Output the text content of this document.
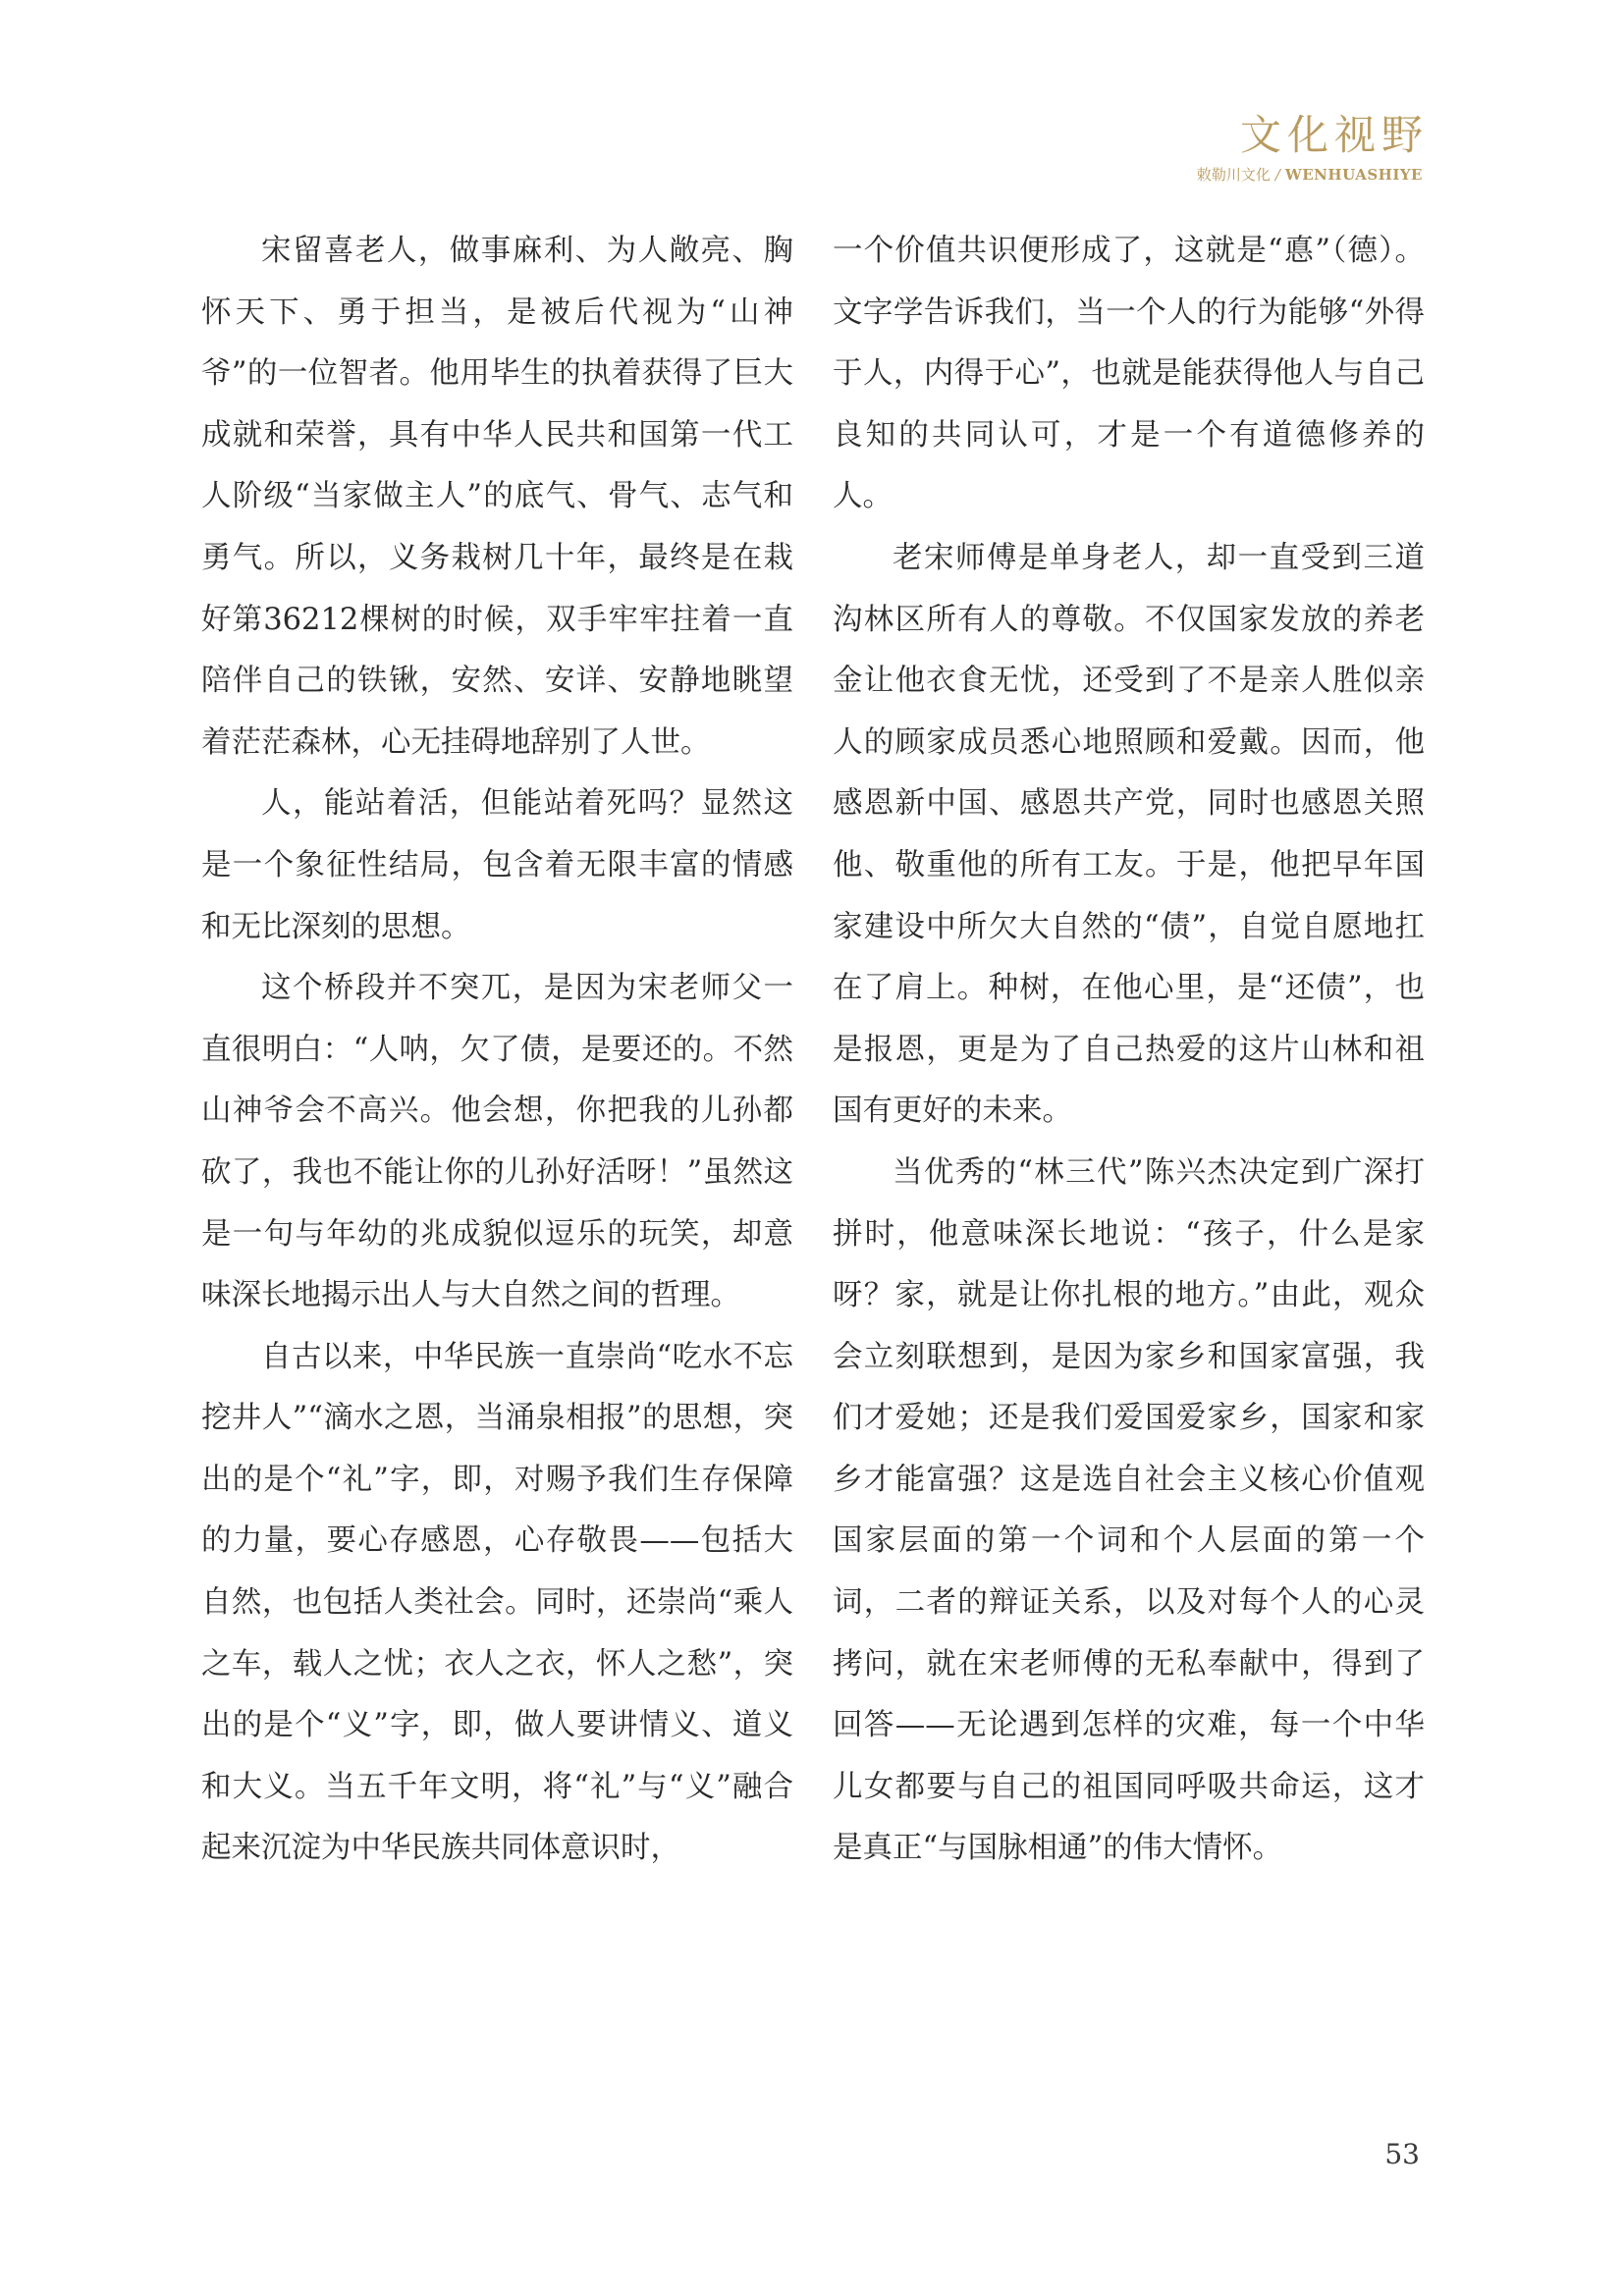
文化视野
敕勒川文化 / WENHUASHIYE

宋留喜老人，做事麻利、为人敞亮、胸怀天下、勇于担当，是被后代视为“山神爷”的一位智者。他用毕生的执着获得了巨大成就和荣誉，具有中华人民共和国第一代工人阶级“当家做主人”的底气、骨气、志气和勇气。所以，义务栽树几十年，最终是在栽好第36212棵树的时候，双手牢牢拄着一直陪伴自己的铁锹，安然、安详、安静地眺望着茫茫森林，心无挂碍地辞别了人世。

人，能站着活，但能站着死吗？显然这是一个象征性结局，包含着无限丰富的情感和无比深刻的思想。

这个桥段并不突兀，是因为宋老师父一直很明白：“人呐，欠了债，是要还的。不然山神爷会不高兴。他会想，你把我的儿孙都砍了，我也不能让你的儿孙好活呀！”虽然这是一句与年幼的兆成貌似逗乐的玩笑，却意味深长地揭示出人与大自然之间的哲理。

自古以来，中华民族一直崇尚“吃水不忘挖井人”“滴水之恩，当涌泉相报”的思想，突出的是个“礼”字，即，对赐予我们生存保障的力量，要心存感恩，心存敬畏——包括大自然，也包括人类社会。同时，还崇尚“乘人之车，载人之忧；衣人之衣，怀人之愁”，突出的是个“义”字，即，做人要讲情义、道义和大义。当五千年文明，将“礼”与“义”融合起来沉淀为中华民族共同体意识时，

一个价值共识便形成了，这就是“悳”（德）。文字学告诉我们，当一个人的行为能够“外得于人，内得于心”，也就是能获得他人与自己良知的共同认可，才是一个有道德修养的人。

老宋师傅是单身老人，却一直受到三道沟林区所有人的尊敬。不仅国家发放的养老金让他衣食无忧，还受到了不是亲人胜似亲人的顾家成员悉心地照顾和爱戴。因而，他感恩新中国、感恩共产党，同时也感恩关照他、敬重他的所有工友。于是，他把早年国家建设中所欠大自然的“债”，自觉自愿地扛在了肩上。种树，在他心里，是“还债”，也是报恩，更是为了自己热爱的这片山林和祖国有更好的未来。

当优秀的“林三代”陈兴杰决定到广深打拼时，他意味深长地说：“孩子，什么是家呀？家，就是让你扎根的地方。”由此，观众会立刻联想到，是因为家乡和国家富强，我们才爱她；还是我们爱国爱家乡，国家和家乡才能富强？这是选自社会主义核心价值观国家层面的第一个词和个人层面的第一个词，二者的辩证关系，以及对每个人的心灵拷问，就在宋老师傅的无私奉献中，得到了回答——无论遇到怎样的灾难，每一个中华儿女都要与自己的祖国同呼吸共命运，这才是真正“与国脉相通”的伟大情怀。

53
